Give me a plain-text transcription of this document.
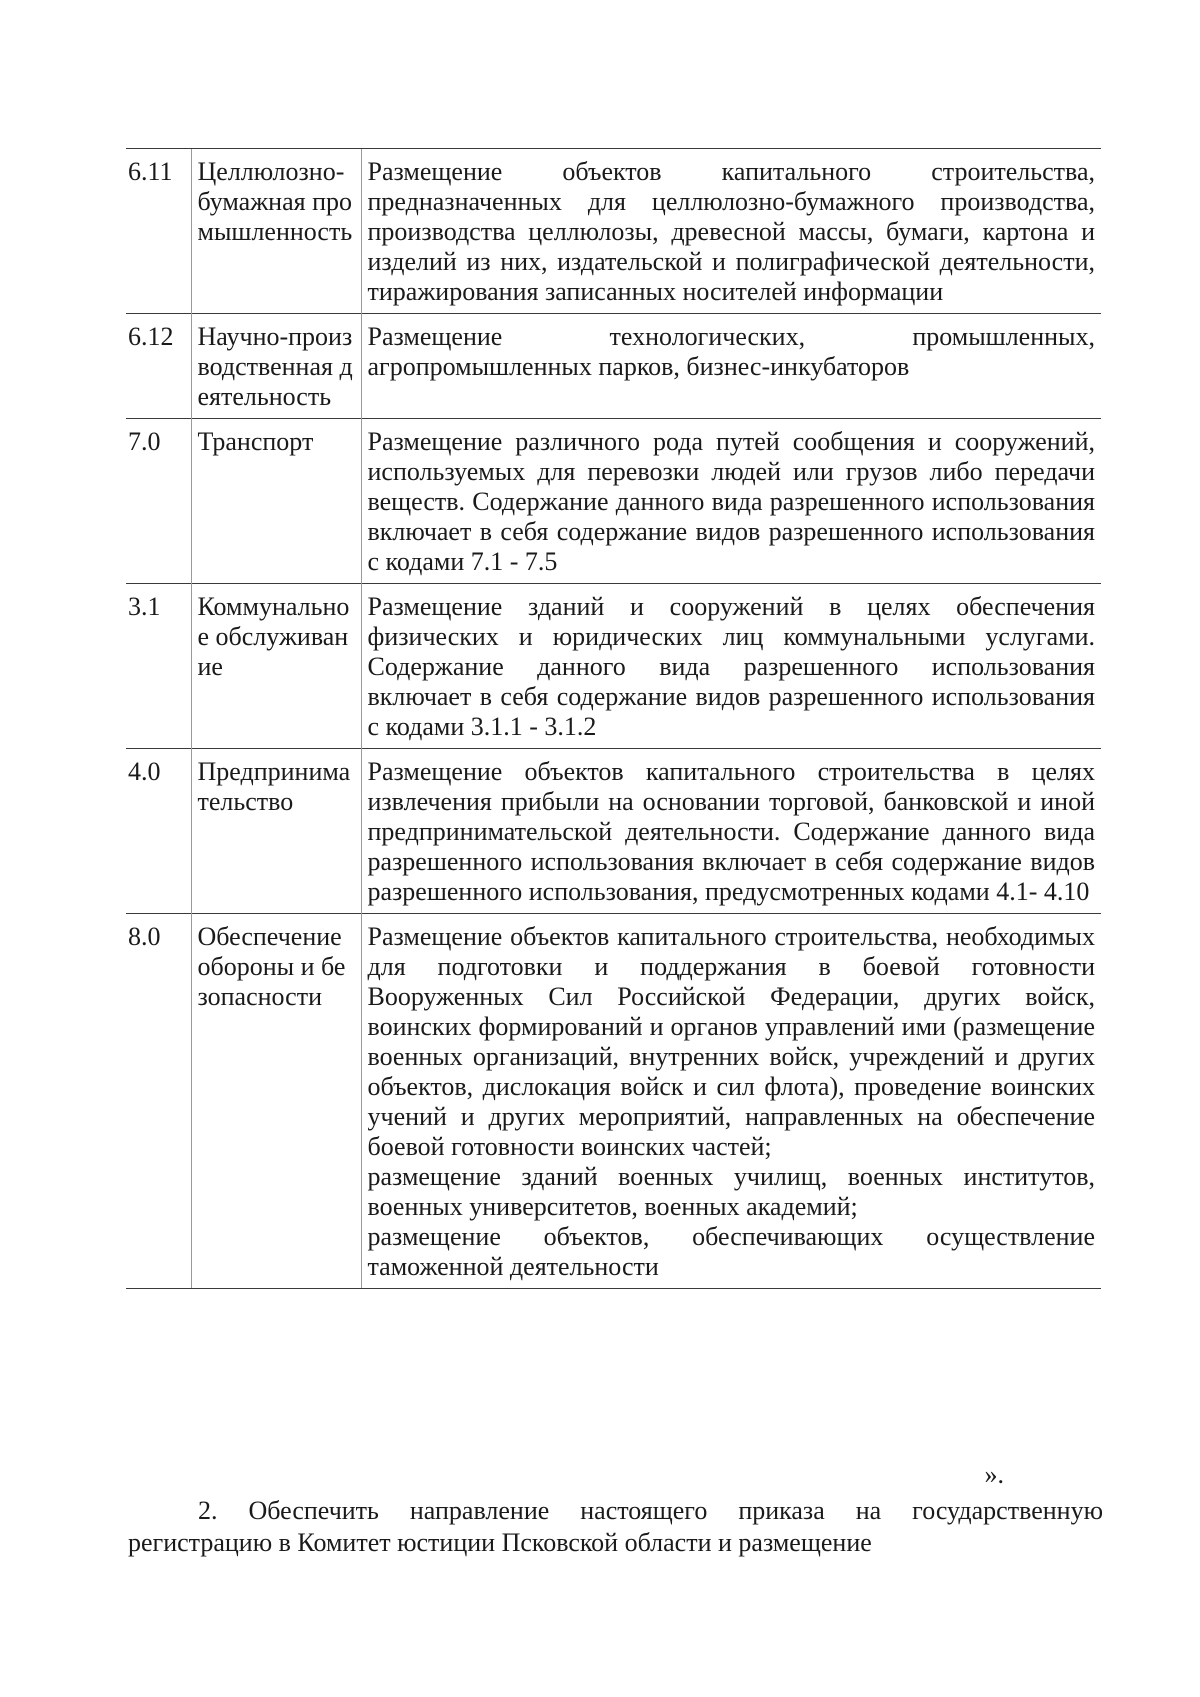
6.11	Целлюлозно-бумажная промышленность	Размещение объектов капитального строительства, предназначенных для целлюлозно-бумажного производства, производства целлюлозы, древесной массы, бумаги, картона и изделий из них, издательской и полиграфической деятельности, тиражирования записанных носителей информации

6.12	Научно-производственная деятельность	Размещение технологических, промышленных, агропромышленных парков, бизнес-инкубаторов

7.0	Транспорт	Размещение различного рода путей сообщения и сооружений, используемых для перевозки людей или грузов либо передачи веществ. Содержание данного вида разрешенного использования включает в себя содержание видов разрешенного использования с кодами 7.1 - 7.5

3.1	Коммунальное обслуживание	Размещение зданий и сооружений в целях обеспечения физических и юридических лиц коммунальными услугами. Содержание данного вида разрешенного использования включает в себя содержание видов разрешенного использования с кодами 3.1.1 - 3.1.2

4.0	Предпринимательство	Размещение объектов капитального строительства в целях извлечения прибыли на основании торговой, банковской и иной предпринимательской деятельности. Содержание данного вида разрешенного использования включает в себя содержание видов разрешенного использования, предусмотренных кодами 4.1- 4.10

8.0	Обеспечение обороны и безопасности	Размещение объектов капитального строительства, необходимых для подготовки и поддержания в боевой готовности Вооруженных Сил Российской Федерации, других войск, воинских формирований и органов управлений ими (размещение военных организаций, внутренних войск, учреждений и других объектов, дислокация войск и сил флота), проведение воинских учений и других мероприятий, направленных на обеспечение боевой готовности воинских частей;
размещение зданий военных училищ, военных институтов, военных университетов, военных академий;
размещение объектов, обеспечивающих осуществление таможенной деятельности
».
2. Обеспечить направление настоящего приказа на государственную регистрацию в Комитет юстиции Псковской области и размещение
